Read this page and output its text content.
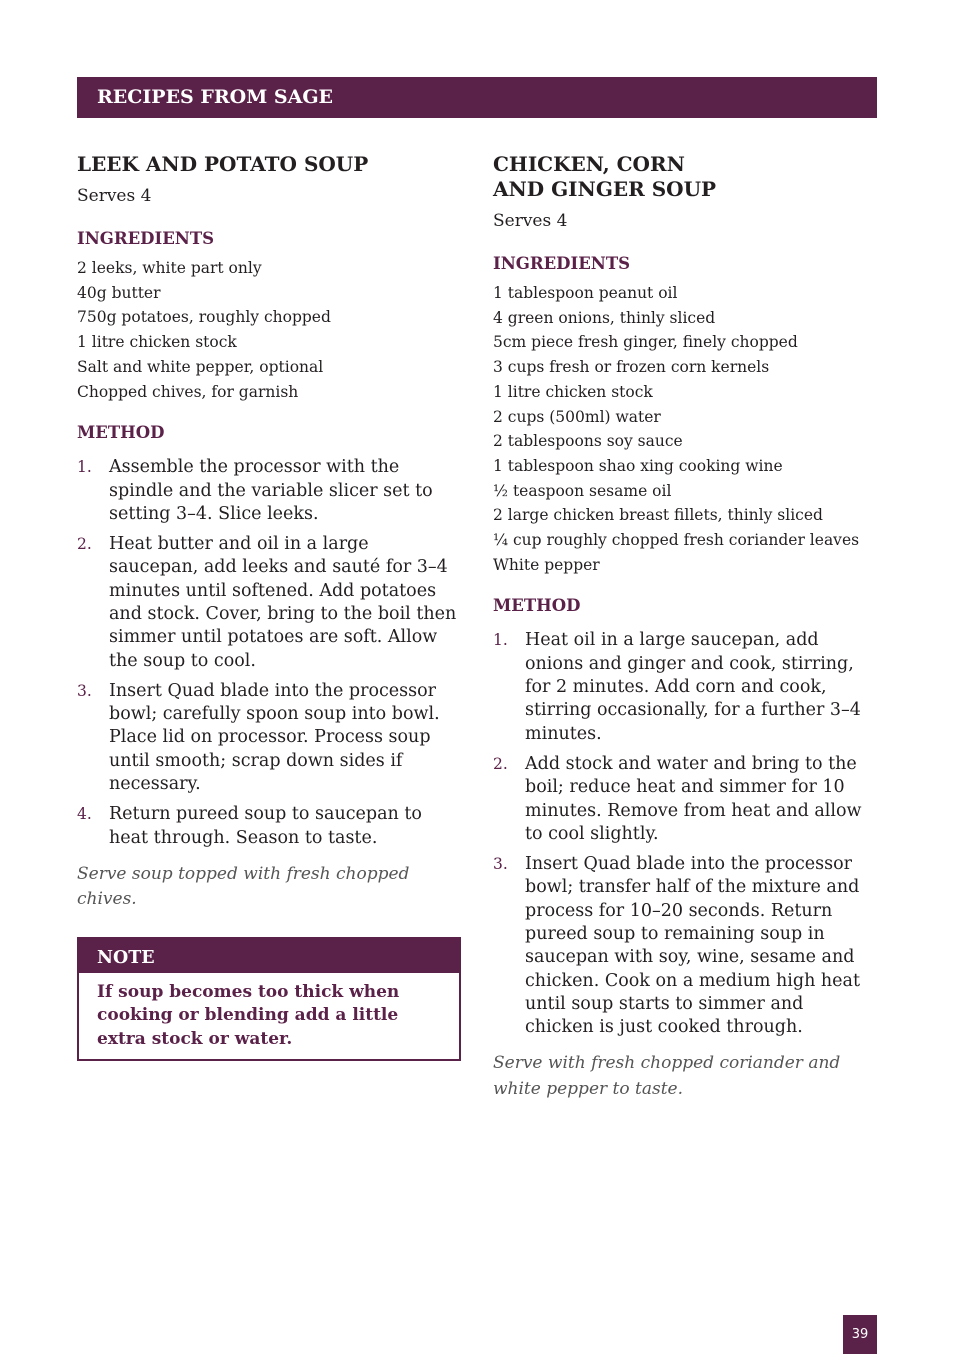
RECIPES FROM SAGE
LEEK AND POTATO SOUP

Serves 4

INGREDIENTS
2 leeks, white part only
40g butter
750g potatoes, roughly chopped
1 litre chicken stock
Salt and white pepper, optional
Chopped chives, for garnish
METHOD
1. Assemble the processor with the spindle and the variable slicer set to setting 3–4. Slice leeks.
2. Heat butter and oil in a large saucepan, add leeks and sauté for 3–4 minutes until softened. Add potatoes and stock. Cover, bring to the boil then simmer until potatoes are soft. Allow the soup to cool.
3. Insert Quad blade into the processor bowl; carefully spoon soup into bowl. Place lid on processor. Process soup until smooth; scrap down sides if necessary.
4. Return pureed soup to saucepan to heat through. Season to taste.

Serve soup topped with fresh chopped chives.

NOTE
If soup becomes too thick when cooking or blending add a little extra stock or water.
CHICKEN, CORN
AND GINGER SOUP

Serves 4

INGREDIENTS
1 tablespoon peanut oil
4 green onions, thinly sliced
5cm piece fresh ginger, finely chopped
3 cups fresh or frozen corn kernels
1 litre chicken stock
2 cups (500ml) water
2 tablespoons soy sauce
1 tablespoon shao xing cooking wine
½ teaspoon sesame oil
2 large chicken breast fillets, thinly sliced
¼ cup roughly chopped fresh coriander leaves
White pepper
METHOD
1. Heat oil in a large saucepan, add onions and ginger and cook, stirring, for 2 minutes. Add corn and cook, stirring occasionally, for a further 3–4 minutes.
2. Add stock and water and bring to the boil; reduce heat and simmer for 10 minutes. Remove from heat and allow to cool slightly.
3. Insert Quad blade into the processor bowl; transfer half of the mixture and process for 10–20 seconds. Return pureed soup to remaining soup in saucepan with soy, wine, sesame and chicken. Cook on a medium high heat until soup starts to simmer and chicken is just cooked through.

Serve with fresh chopped coriander and white pepper to taste.

39
